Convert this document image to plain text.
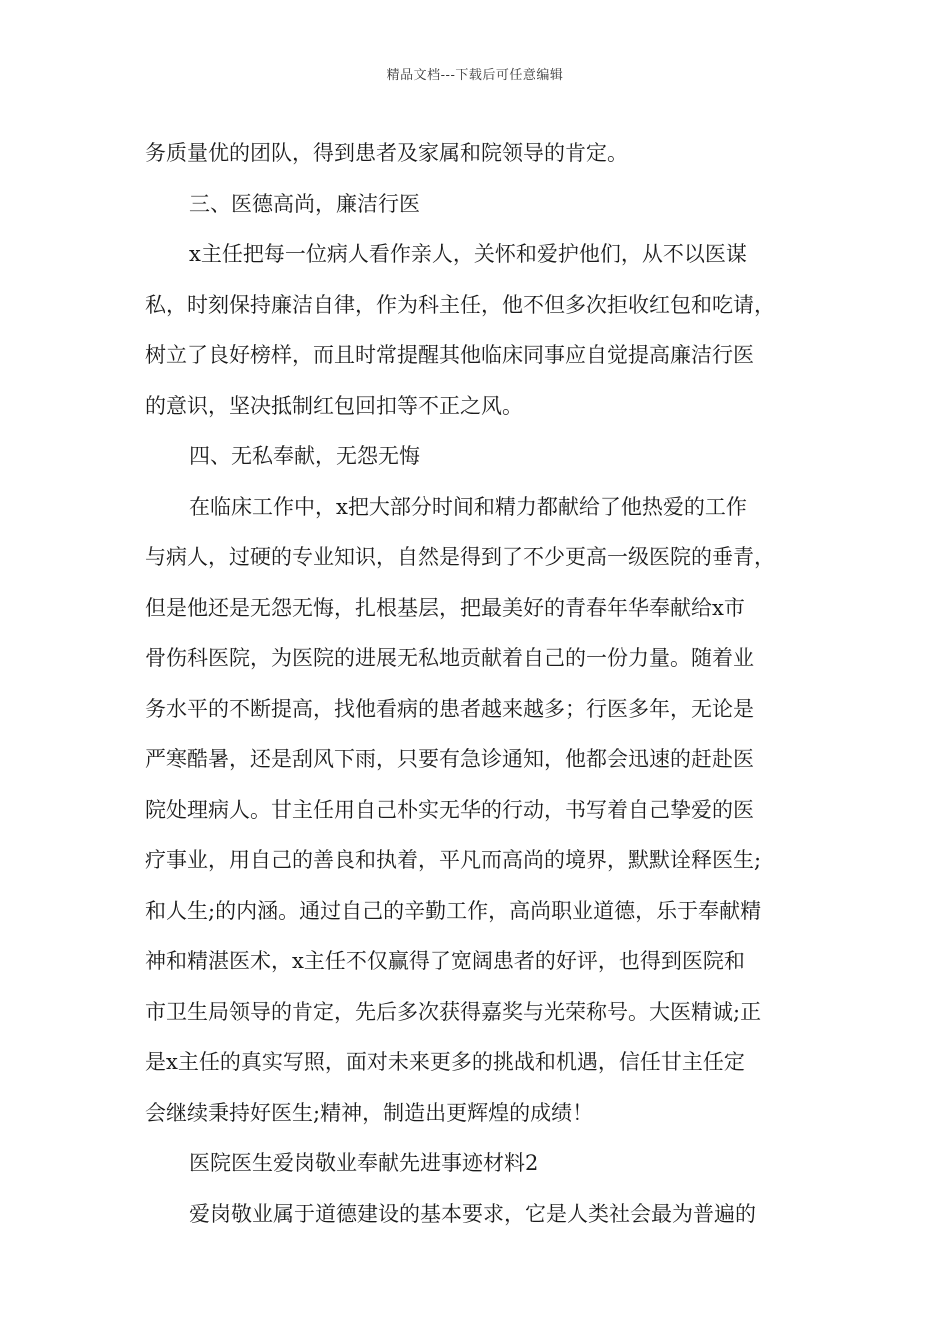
精品文档---下载后可任意编辑
务质量优的团队，得到患者及家属和院领导的肯定。
三、医德高尚，廉洁行医
x主任把每一位病人看作亲人，关怀和爱护他们，从不以医谋
私，时刻保持廉洁自律，作为科主任，他不但多次拒收红包和吃请，
树立了良好榜样，而且时常提醒其他临床同事应自觉提高廉洁行医
的意识，坚决抵制红包回扣等不正之风。
四、无私奉献，无怨无悔
在临床工作中，x把大部分时间和精力都献给了他热爱的工作
与病人，过硬的专业知识，自然是得到了不少更高一级医院的垂青，
但是他还是无怨无悔，扎根基层，把最美好的青春年华奉献给x市
骨伤科医院，为医院的进展无私地贡献着自己的一份力量。随着业
务水平的不断提高，找他看病的患者越来越多；行医多年，无论是
严寒酷暑，还是刮风下雨，只要有急诊通知，他都会迅速的赶赴医
院处理病人。甘主任用自己朴实无华的行动，书写着自己挚爱的医
疗事业，用自己的善良和执着，平凡而高尚的境界，默默诠释医生;
和人生;的内涵。通过自己的辛勤工作，高尚职业道德，乐于奉献精
神和精湛医术，x主任不仅赢得了宽阔患者的好评，也得到医院和
市卫生局领导的肯定，先后多次获得嘉奖与光荣称号。大医精诚;正
是x主任的真实写照，面对未来更多的挑战和机遇，信任甘主任定
会继续秉持好医生;精神，制造出更辉煌的成绩！
医院医生爱岗敬业奉献先进事迹材料2
爱岗敬业属于道德建设的基本要求，它是人类社会最为普遍的
